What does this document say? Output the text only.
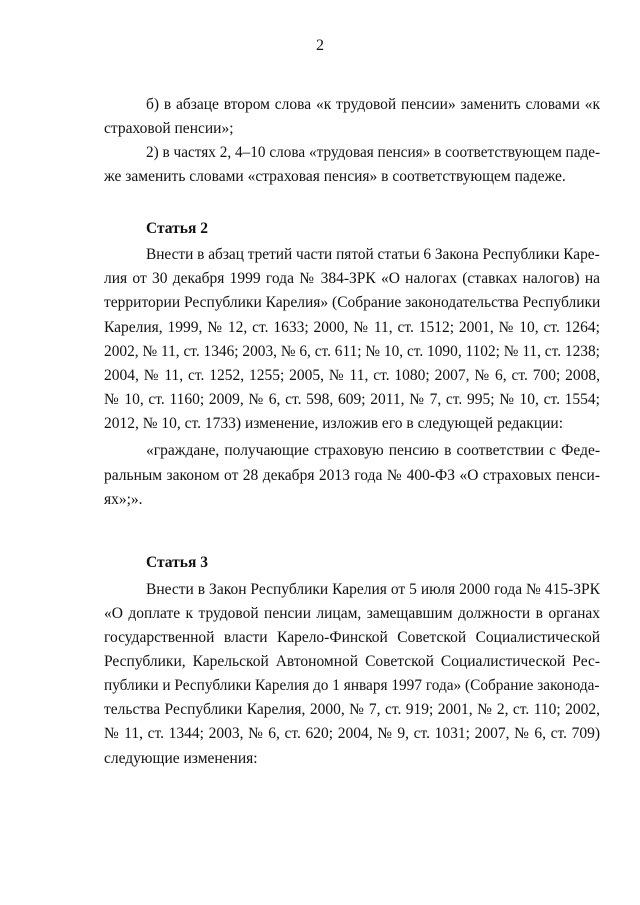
2
б) в абзаце втором слова «к трудовой пенсии» заменить словами «к
страховой пенсии»;
2) в частях 2, 4–10 слова «трудовая пенсия» в соответствующем паде-
же заменить словами «страховая пенсия» в соответствующем падеже.
Статья 2
Внести в абзац третий части пятой статьи 6 Закона Республики Каре-
лия от 30 декабря 1999 года № 384-ЗРК «О налогах (ставках налогов) на
территории Республики Карелия» (Собрание законодательства Республики
Карелия, 1999, № 12, ст. 1633; 2000, № 11, ст. 1512; 2001, № 10, ст. 1264;
2002, № 11, ст. 1346; 2003, № 6, ст. 611; № 10, ст. 1090, 1102; № 11, ст. 1238;
2004, № 11, ст. 1252, 1255; 2005, № 11, ст. 1080; 2007, № 6, ст. 700; 2008,
№ 10, ст. 1160; 2009, № 6, ст. 598, 609; 2011, № 7, ст. 995; № 10, ст. 1554;
2012, № 10, ст. 1733) изменение, изложив его в следующей редакции:
«граждане, получающие страховую пенсию в соответствии с Феде-
ральным законом от 28 декабря 2013 года № 400-ФЗ «О страховых пенси-
ях»;».
Статья 3
Внести в Закон Республики Карелия от 5 июля 2000 года № 415-ЗРК
«О доплате к трудовой пенсии лицам, замещавшим должности в органах
государственной власти Карело-Финской Советской Социалистической
Республики, Карельской Автономной Советской Социалистической Рес-
публики и Республики Карелия до 1 января 1997 года» (Собрание законода-
тельства Республики Карелия, 2000, № 7, ст. 919; 2001, № 2, ст. 110; 2002,
№ 11, ст. 1344; 2003, № 6, ст. 620; 2004, № 9, ст. 1031; 2007, № 6, ст. 709)
следующие изменения:
